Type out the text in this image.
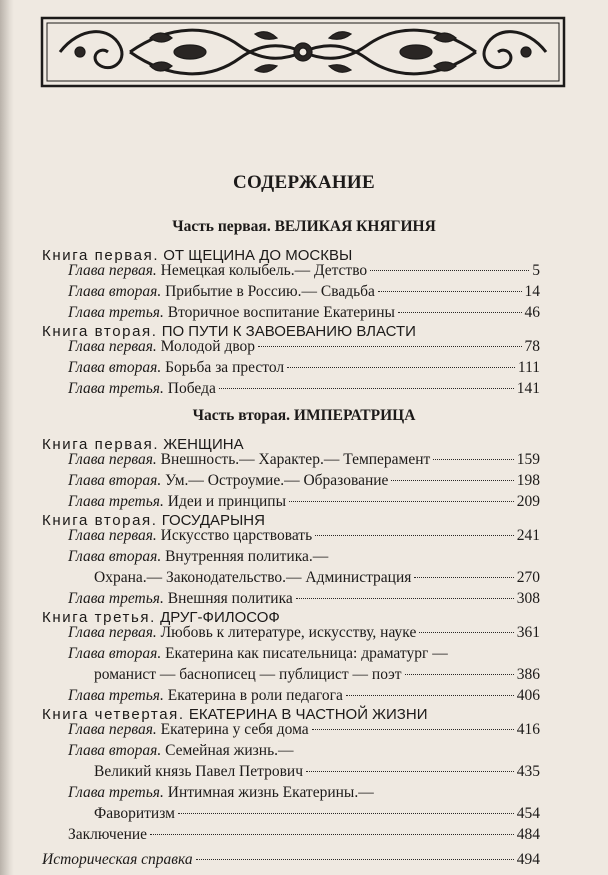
СОДЕРЖАНИЕ
Часть первая. ВЕЛИКАЯ КНЯГИНЯ
Книга первая. ОТ ЩЕЦИНА ДО МОСКВЫ
Глава первая. Немецкая колыбель.— Детство	5
Глава вторая. Прибытие в Россию.— Свадьба	14
Глава третья. Вторичное воспитание Екатерины	46
Книга вторая. ПО ПУТИ К ЗАВОЕВАНИЮ ВЛАСТИ
Глава первая. Молодой двор	78
Глава вторая. Борьба за престол	111
Глава третья. Победа	141
Часть вторая. ИМПЕРАТРИЦА
Книга первая. ЖЕНЩИНА
Глава первая. Внешность.— Характер.— Темперамент	159
Глава вторая. Ум.— Остроумие.— Образование	198
Глава третья. Идеи и принципы	209
Книга вторая. ГОСУДАРЫНЯ
Глава первая. Искусство царствовать	241
Глава вторая. Внутренняя политика.—
Охрана.— Законодательство.— Администрация	270
Глава третья. Внешняя политика	308
Книга третья. ДРУГ-ФИЛОСОФ
Глава первая. Любовь к литературе, искусству, науке	361
Глава вторая. Екатерина как писательница: драматург —
романист — баснописец — публицист — поэт	386
Глава третья. Екатерина в роли педагога	406
Книга четвертая. ЕКАТЕРИНА В ЧАСТНОЙ ЖИЗНИ
Глава первая. Екатерина у себя дома	416
Глава вторая. Семейная жизнь.—
Великий князь Павел Петрович	435
Глава третья. Интимная жизнь Екатерины.—
Фаворитизм	454
Заключение	484
Историческая справка	494
